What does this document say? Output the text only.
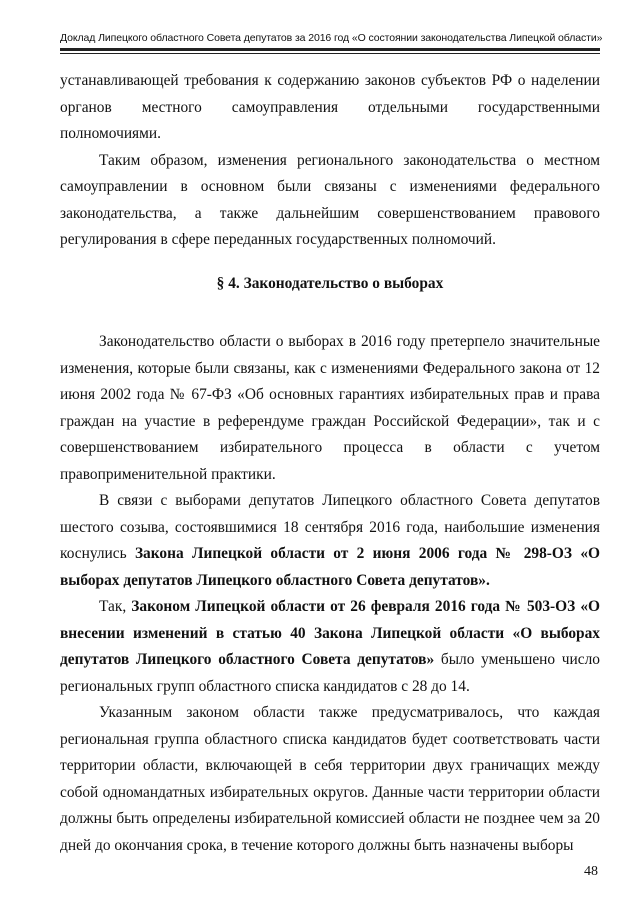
Доклад Липецкого областного Совета депутатов за 2016 год «О состоянии законодательства Липецкой области»

устанавливающей требования к содержанию законов субъектов РФ о наделении органов местного самоуправления отдельными государственными полномочиями.

Таким образом, изменения регионального законодательства о местном самоуправлении в основном были связаны с изменениями федерального законодательства, а также дальнейшим совершенствованием правового регулирования в сфере переданных государственных полномочий.

§ 4. Законодательство о выборах

Законодательство области о выборах в 2016 году претерпело значительные изменения, которые были связаны, как с изменениями Федерального закона от 12 июня 2002 года № 67-ФЗ «Об основных гарантиях избирательных прав и права граждан на участие в референдуме граждан Российской Федерации», так и с совершенствованием избирательного процесса в области с учетом правоприменительной практики.

В связи с выборами депутатов Липецкого областного Совета депутатов шестого созыва, состоявшимися 18 сентября 2016 года, наибольшие изменения коснулись Закона Липецкой области от 2 июня 2006 года № 298-ОЗ «О выборах депутатов Липецкого областного Совета депутатов».

Так, Законом Липецкой области от 26 февраля 2016 года № 503-ОЗ «О внесении изменений в статью 40 Закона Липецкой области «О выборах депутатов Липецкого областного Совета депутатов» было уменьшено число региональных групп областного списка кандидатов с 28 до 14.

Указанным законом области также предусматривалось, что каждая региональная группа областного списка кандидатов будет соответствовать части территории области, включающей в себя территории двух граничащих между собой одномандатных избирательных округов. Данные части территории области должны быть определены избирательной комиссией области не позднее чем за 20 дней до окончания срока, в течение которого должны быть назначены выборы

48
